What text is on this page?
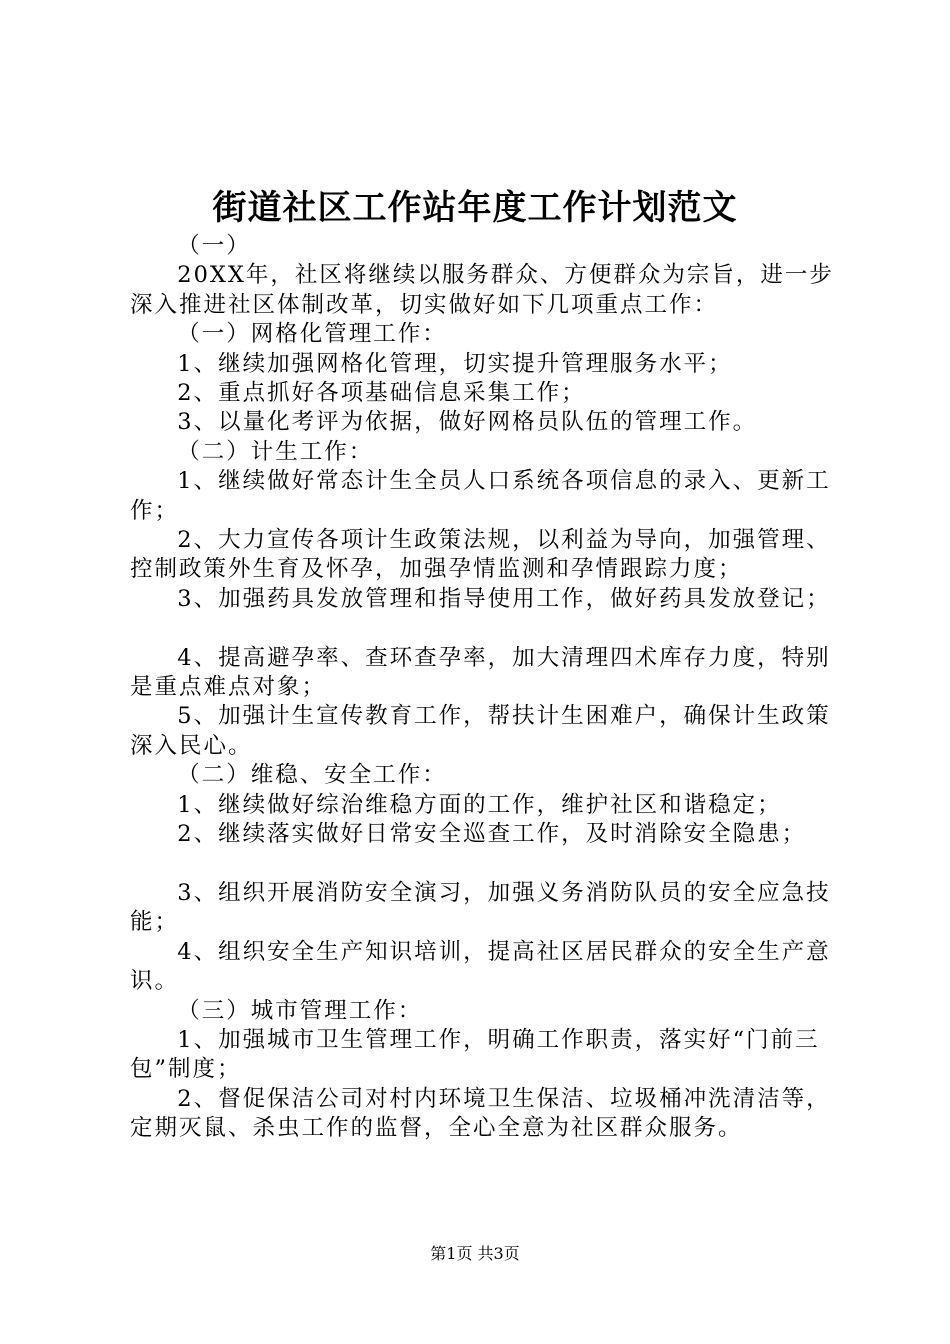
街道社区工作站年度工作计划范文

（一）

20XX年，社区将继续以服务群众、方便群众为宗旨，进一步深入推进社区体制改革，切实做好如下几项重点工作：

（一）网格化管理工作：

1、继续加强网格化管理，切实提升管理服务水平；

2、重点抓好各项基础信息采集工作；

3、以量化考评为依据，做好网格员队伍的管理工作。

（二）计生工作：

1、继续做好常态计生全员人口系统各项信息的录入、更新工作；

2、大力宣传各项计生政策法规，以利益为导向，加强管理、控制政策外生育及怀孕，加强孕情监测和孕情跟踪力度；

3、加强药具发放管理和指导使用工作，做好药具发放登记；

4、提高避孕率、查环查孕率，加大清理四术库存力度，特别是重点难点对象；

5、加强计生宣传教育工作，帮扶计生困难户，确保计生政策深入民心。

（二）维稳、安全工作：

1、继续做好综治维稳方面的工作，维护社区和谐稳定；

2、继续落实做好日常安全巡查工作，及时消除安全隐患；

3、组织开展消防安全演习，加强义务消防队员的安全应急技能；

4、组织安全生产知识培训，提高社区居民群众的安全生产意识。

（三）城市管理工作：

1、加强城市卫生管理工作，明确工作职责，落实好“门前三包”制度；

2、督促保洁公司对村内环境卫生保洁、垃圾桶冲洗清洁等，定期灭鼠、杀虫工作的监督，全心全意为社区群众服务。

第1页 共3页
